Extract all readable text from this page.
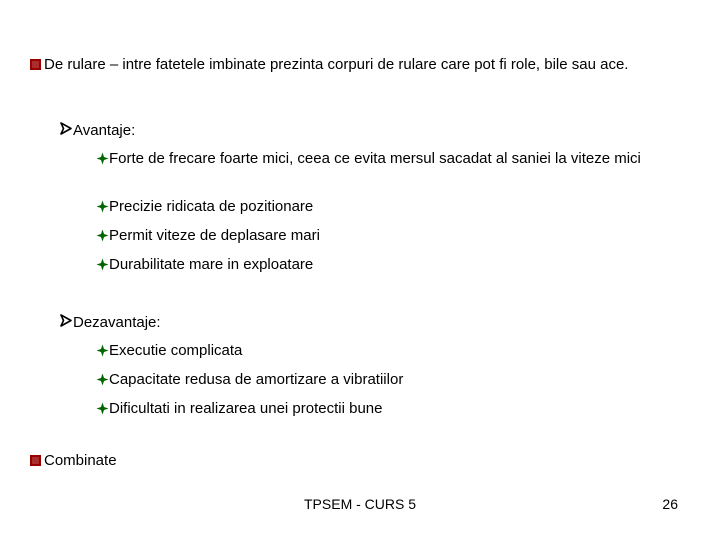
De rulare – intre fatetele imbinate prezinta corpuri de rulare care pot fi role, bile sau ace.
Avantaje:
Forte de frecare foarte mici, ceea ce evita mersul sacadat al saniei la viteze mici
Precizie ridicata de pozitionare
Permit viteze de deplasare mari
Durabilitate mare in exploatare
Dezavantaje:
Executie complicata
Capacitate redusa de amortizare a vibratiilor
Dificultati in realizarea unei protectii bune
Combinate
TPSEM - CURS 5	26
